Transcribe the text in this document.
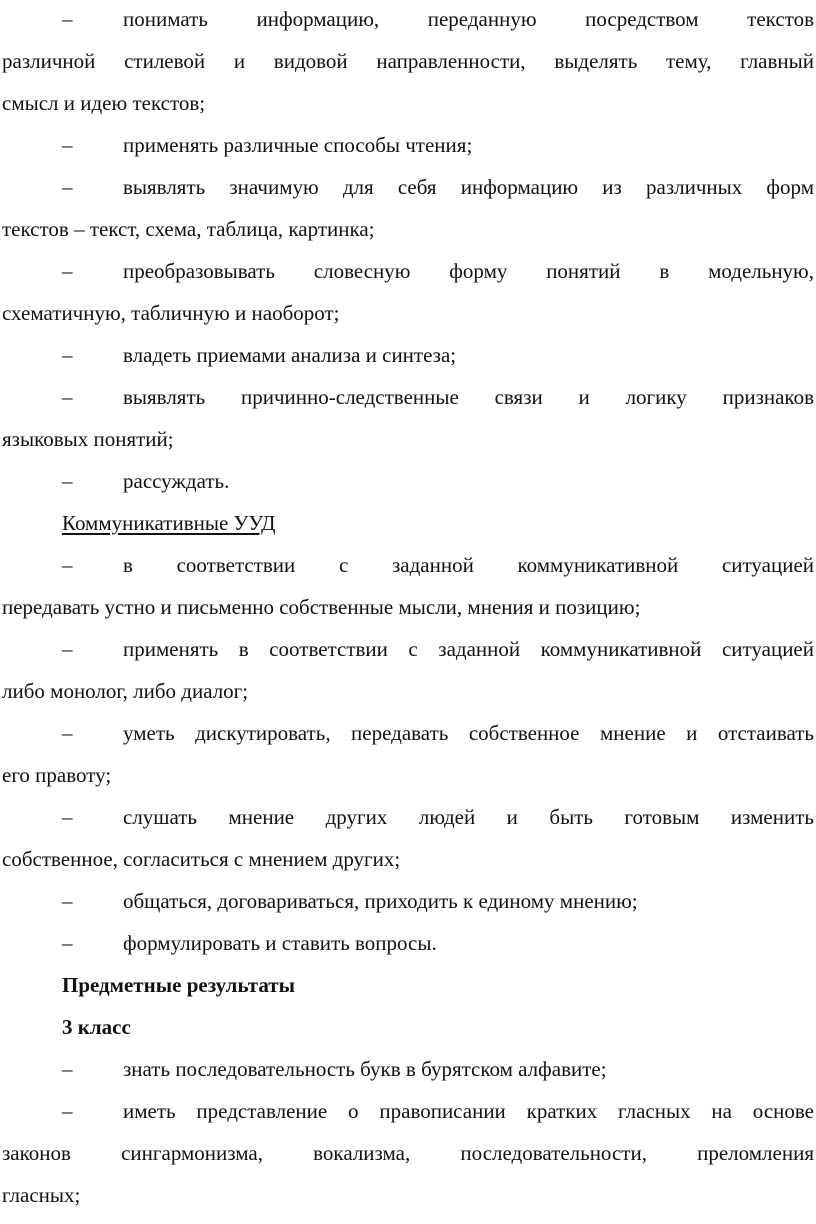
– понимать информацию, переданную посредством текстов
различной стилевой и видовой направленности, выделять тему, главный
смысл и идею текстов;
– применять различные способы чтения;
– выявлять значимую для себя информацию из различных форм
текстов – текст, схема, таблица, картинка;
– преобразовывать словесную форму понятий в модельную,
схематичную, табличную и наоборот;
– владеть приемами анализа и синтеза;
– выявлять причинно-следственные связи и логику признаков
языковых понятий;
– рассуждать.
Коммуникативные УУД
– в соответствии с заданной коммуникативной ситуацией
передавать устно и письменно собственные мысли, мнения и позицию;
– применять в соответствии с заданной коммуникативной ситуацией
либо монолог, либо диалог;
– уметь дискутировать, передавать собственное мнение и отстаивать
его правоту;
– слушать мнение других людей и быть готовым изменить
собственное, согласиться с мнением других;
– общаться, договариваться, приходить к единому мнению;
– формулировать и ставить вопросы.
Предметные результаты
3 класс
– знать последовательность букв в бурятском алфавите;
– иметь представление о правописании кратких гласных на основе
законов сингармонизма, вокализма, последовательности, преломления
гласных;
